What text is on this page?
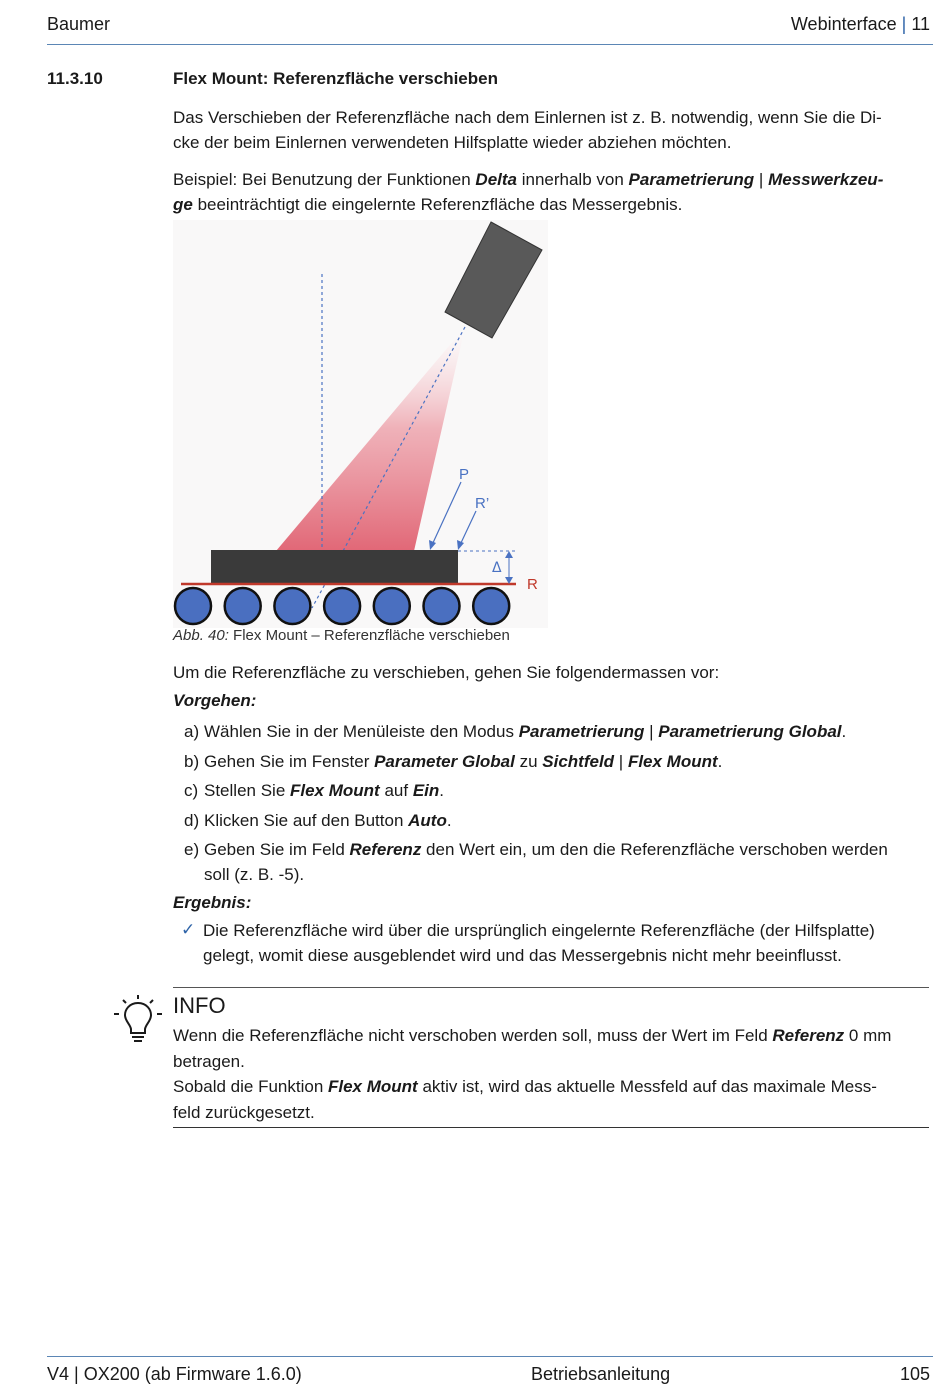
Baumer	Webinterface | 11
11.3.10	Flex Mount: Referenzfläche verschieben
Das Verschieben der Referenzfläche nach dem Einlernen ist z. B. notwendig, wenn Sie die Di-
cke der beim Einlernen verwendeten Hilfsplatte wieder abziehen möchten.
Beispiel: Bei Benutzung der Funktionen Delta innerhalb von Parametrierung | Messwerkzeu-
ge beeinträchtigt die eingelernte Referenzfläche das Messergebnis.
P
R’
Δ
R
Abb. 40: Flex Mount – Referenzfläche verschieben
Um die Referenzfläche zu verschieben, gehen Sie folgendermassen vor:
Vorgehen:
a) Wählen Sie in der Menüleiste den Modus Parametrierung | Parametrierung Global.
b) Gehen Sie im Fenster Parameter Global zu Sichtfeld | Flex Mount.
c) Stellen Sie Flex Mount auf Ein.
d) Klicken Sie auf den Button Auto.
e) Geben Sie im Feld Referenz den Wert ein, um den die Referenzfläche verschoben werden
soll (z. B. -5).
Ergebnis:
✓ Die Referenzfläche wird über die ursprünglich eingelernte Referenzfläche (der Hilfsplatte)
gelegt, womit diese ausgeblendet wird und das Messergebnis nicht mehr beeinflusst.
INFO
Wenn die Referenzfläche nicht verschoben werden soll, muss der Wert im Feld Referenz 0 mm
betragen.
Sobald die Funktion Flex Mount aktiv ist, wird das aktuelle Messfeld auf das maximale Mess-
feld zurückgesetzt.
V4 | OX200 (ab Firmware 1.6.0)	Betriebsanleitung	105
